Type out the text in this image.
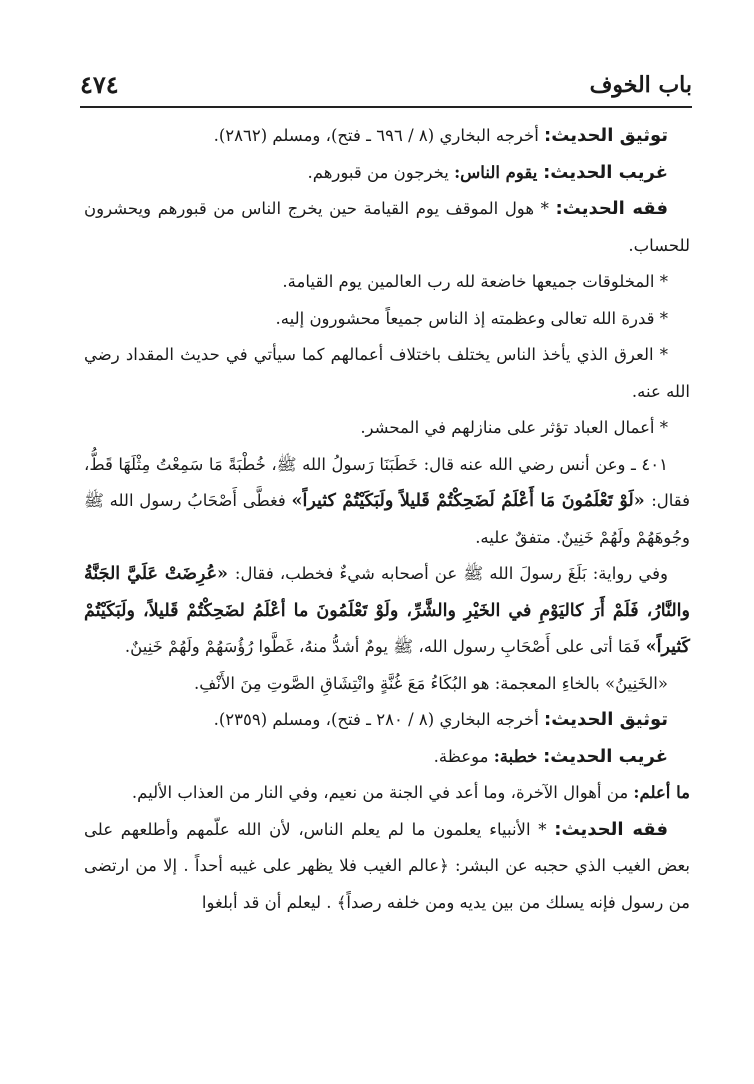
باب الخوف
٤٧٤

توثيق الحديث: أخرجه البخاري (٨ / ٦٩٦ ـ فتح)، ومسلم (٢٨٦٢).

غريب الحديث: يقوم الناس: يخرجون من قبورهم.

فقه الحديث: * هول الموقف يوم القيامة حين يخرج الناس من قبورهم ويحشرون للحساب.

* المخلوقات جميعها خاضعة لله رب العالمين يوم القيامة.

* قدرة الله تعالى وعظمته إذ الناس جميعاً محشورون إليه.

* العرق الذي يأخذ الناس يختلف باختلاف أعمالهم كما سيأتي في حديث المقداد رضي الله عنه.

* أعمال العباد تؤثر على منازلهم في المحشر.

٤٠١ ـ وعن أنس رضي الله عنه قال: خَطَبَنَا رَسولُ الله ﷺ، خُطْبَةً مَا سَمِعْتُ مِثْلَهَا قَطُّ، فقال: «لَوْ تَعْلَمُونَ مَا أَعْلَمُ لَضَحِكْتُمْ قَليلاً ولَبَكَيْتُمْ كثيراً» فغطَّى أَصْحَابُ رسول الله ﷺ وجُوهَهُمْ ولَهُمْ خَنِينٌ. متفقٌ عليه.

وفي رواية: بَلَغَ رسولَ الله ﷺ عن أصحابه شيءٌ فخطب، فقال: «عُرِضَتْ عَلَيَّ الجَنَّةُ والنَّارُ، فَلَمْ أَرَ كاليَوْمِ في الخَيْرِ والشَّرِّ، ولَوْ تَعْلَمُونَ ما أعْلَمُ لضَحِكْتُمْ قَليلاً، ولَبَكَيْتُمْ كَثيراً» فَمَا أتى على أَصْحَابِ رسول الله، ﷺ يومٌ أشدُّ منهُ، غَطَّوا رُؤُسَهُمْ ولَهُمْ خَنِينٌ.

«الخَنِينُ» بالخاءِ المعجمة: هو البُكَاءُ مَعَ غُنَّةٍ وانْتِشَاقِ الصَّوتِ مِنَ الأَنْفِ.

توثيق الحديث: أخرجه البخاري (٨ / ٢٨٠ ـ فتح)، ومسلم (٢٣٥٩).

غريب الحديث: خطبة: موعظة.

ما أعلم: من أهوال الآخرة، وما أعد في الجنة من نعيم، وفي النار من العذاب الأليم.

فقه الحديث: * الأنبياء يعلمون ما لم يعلم الناس، لأن الله علّمهم وأطلعهم على بعض الغيب الذي حجبه عن البشر: ﴿عالم الغيب فلا يظهر على غيبه أحداً . إلا من ارتضى من رسول فإنه يسلك من بين يديه ومن خلفه رصداً﴾ . ليعلم أن قد أبلغوا
